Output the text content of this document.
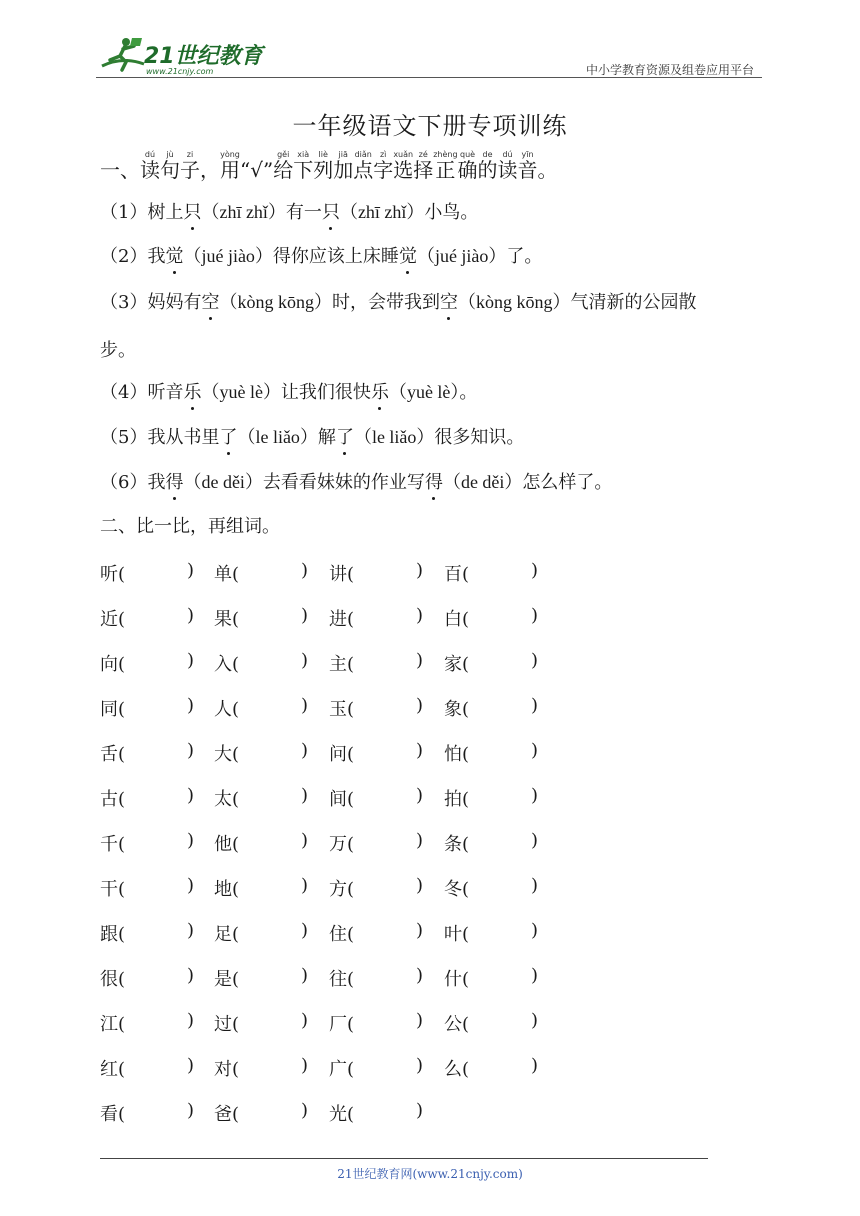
21世纪教育
www.21cnjy.com	中小学教育资源及组卷应用平台
一年级语文下册专项训练
一、读dú句jù子zi，用yòng“√”给gěi下xià列liè加jiā点diǎn字zì选xuǎn择zé正zhèng确què的de读dú音yīn。
（1）树上只（zhī zhǐ）有一只（zhī zhǐ）小鸟。
（2）我觉（jué jiào）得你应该上床睡觉（jué jiào）了。
（3）妈妈有空（kòng kōng）时，会带我到空（kòng kōng）气清新的公园散
步。
（4）听音乐（yuè lè）让我们很快乐（yuè lè）。
（5）我从书里了（le liǎo）解了（le liǎo）很多知识。
（6）我得（de děi）去看看妹妹的作业写得（de děi）怎么样了。
二、比一比，再组词。
听(	) 单(	) 讲(	) 百(	)
近(	) 果(	) 进(	) 白(	)
向(	) 入(	) 主(	) 家(	)
同(	) 人(	) 玉(	) 象(	)
舌(	) 大(	) 问(	) 怕(	)
古(	) 太(	) 间(	) 拍(	)
千(	) 他(	) 万(	) 条(	)
干(	) 地(	) 方(	) 冬(	)
跟(	) 足(	) 住(	) 叶(	)
很(	) 是(	) 往(	) 什(	)
江(	) 过(	) 厂(	) 公(	)
红(	) 对(	) 广(	) 么(	)
看(	) 爸(	) 光(	)
21世纪教育网(www.21cnjy.com)
